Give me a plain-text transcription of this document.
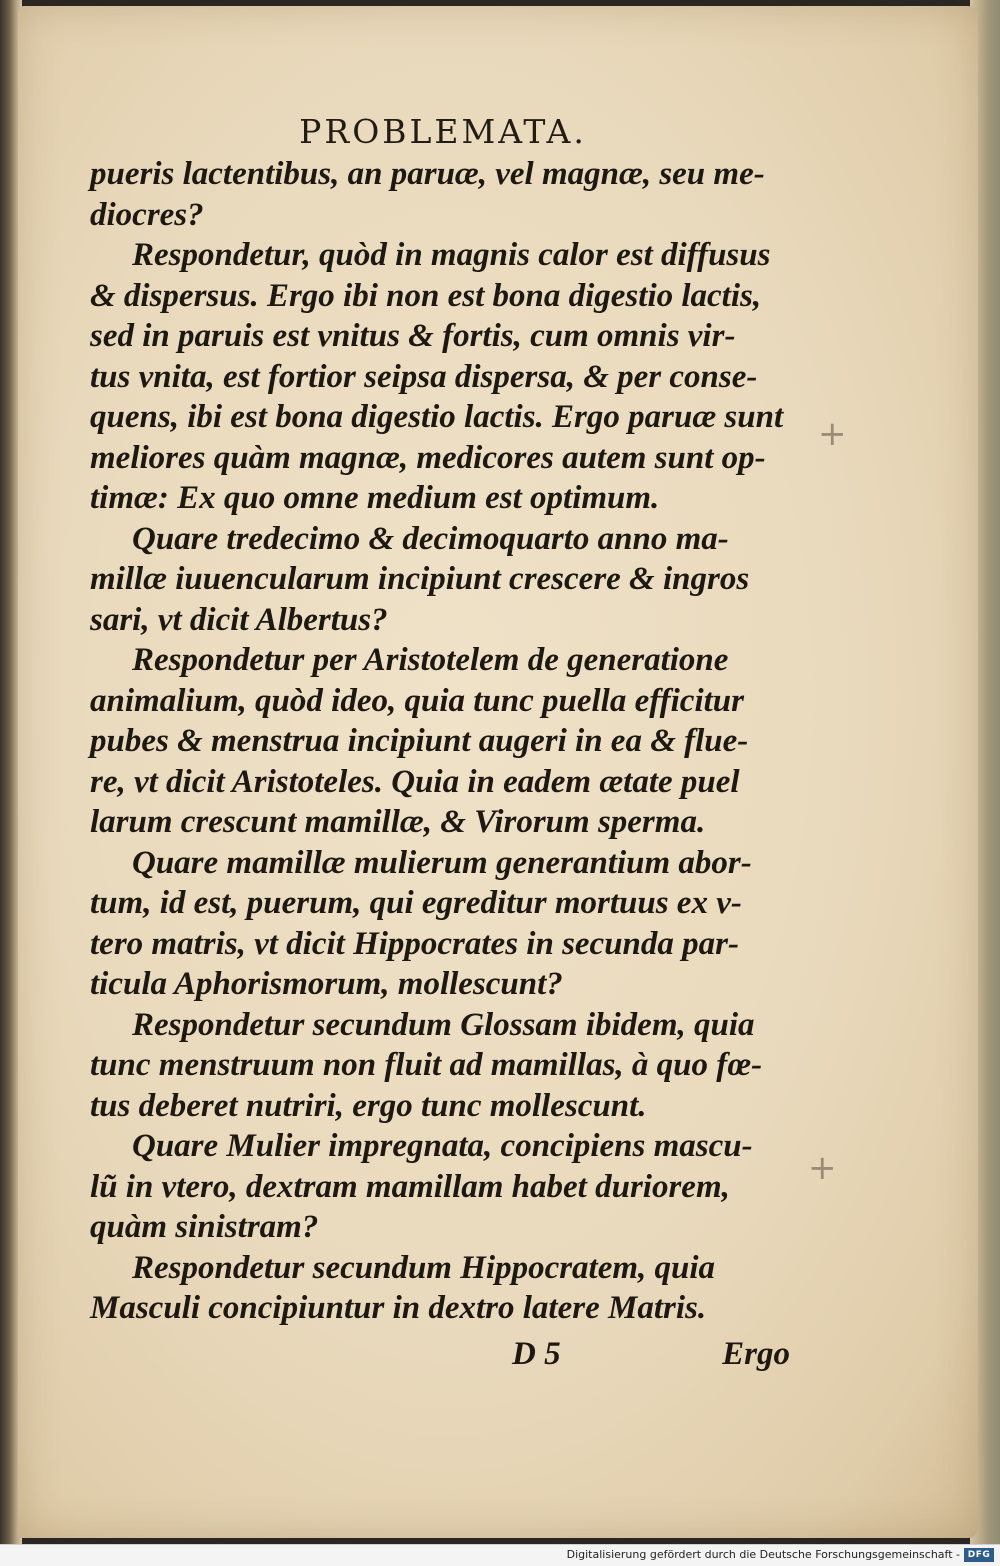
PROBLEMATA.
pueris lactentibus, an paruæ, vel magnæ, seu me-
diocres?
Respondetur, quòd in magnis calor est diffusus
& dispersus. Ergo ibi non est bona digestio lactis,
sed in paruis est vnitus & fortis, cum omnis vir-
tus vnita, est fortior seipsa dispersa, & per conse-
quens, ibi est bona digestio lactis. Ergo paruæ sunt
meliores quàm magnæ, medicores autem sunt op-
timæ: Ex quo omne medium est optimum.
Quare tredecimo & decimoquarto anno ma-
millæ iuuencularum incipiunt crescere & ingros
sari, vt dicit Albertus?
Respondetur per Aristotelem de generatione
animalium, quòd ideo, quia tunc puella efficitur
pubes & menstrua incipiunt augeri in ea & fluе-
re, vt dicit Aristoteles. Quia in eadem ætate puel
larum crescunt mamillæ, & Virorum sperma.
Quare mamillæ mulierum generantium abor-
tum, id est, puerum, qui egreditur mortuus ex v-
tero matris, vt dicit Hippocrates in secunda par-
ticula Aphorismorum, mollescunt?
Respondetur secundum Glossam ibidem, quia
tunc menstruum non fluit ad mamillas, à quo fœ-
tus deberet nutriri, ergo tunc mollescunt.
Quare Mulier impregnata, concipiens mascu-
lũ in vtero, dextram mamillam habet duriorem,
quàm sinistram?
Respondetur secundum Hippocratem, quia
Masculi concipiuntur in dextro latere Matris.
D 5	Ergo
+
+
Digitalisierung gefördert durch die Deutsche Forschungsgemeinschaft - DFG
